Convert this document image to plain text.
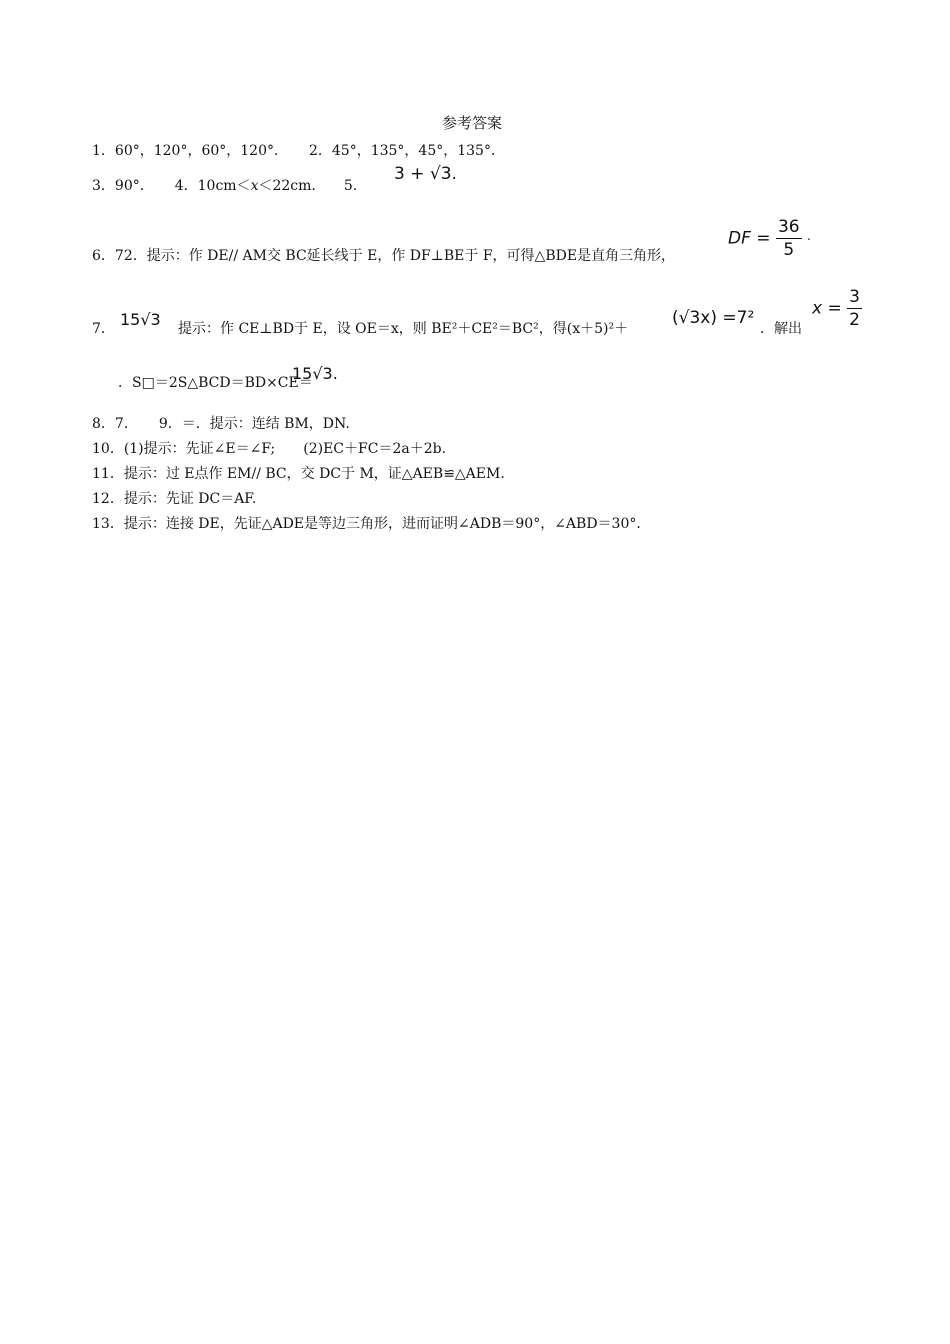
参考答案
1．60°，120°，60°，120°．　　2．45°，135°，45°，135°．
3．90°．　　4．10cm＜x＜22cm.　　5.
3 + √3.
6．72．提示：作 DE// AM交 BC延长线于 E，作 DF⊥BE于 F，可得△BDE是直角三角形，
DF = $\frac{36}{5}$ ·
7． 15√3 提示：作 CE⊥BD于 E，设 OE＝x，则 BE²＋CE²＝BC²，得(x＋5)²＋
(√3x) =7²
．解出
$x = \frac{3}{2}$
．S□＝2S△BCD＝BD×CE＝
15√3.
8．7．　　9．＝．提示：连结 BM，DN.
10．(1)提示：先证∠E＝∠F;　　(2)EC＋FC＝2a＋2b.
11．提示：过 E点作 EM// BC，交 DC于 M，证△AEB≌△AEM.
12．提示：先证 DC＝AF.
13．提示：连接 DE，先证△ADE是等边三角形，进而证明∠ADB＝90°，∠ABD＝30°．
